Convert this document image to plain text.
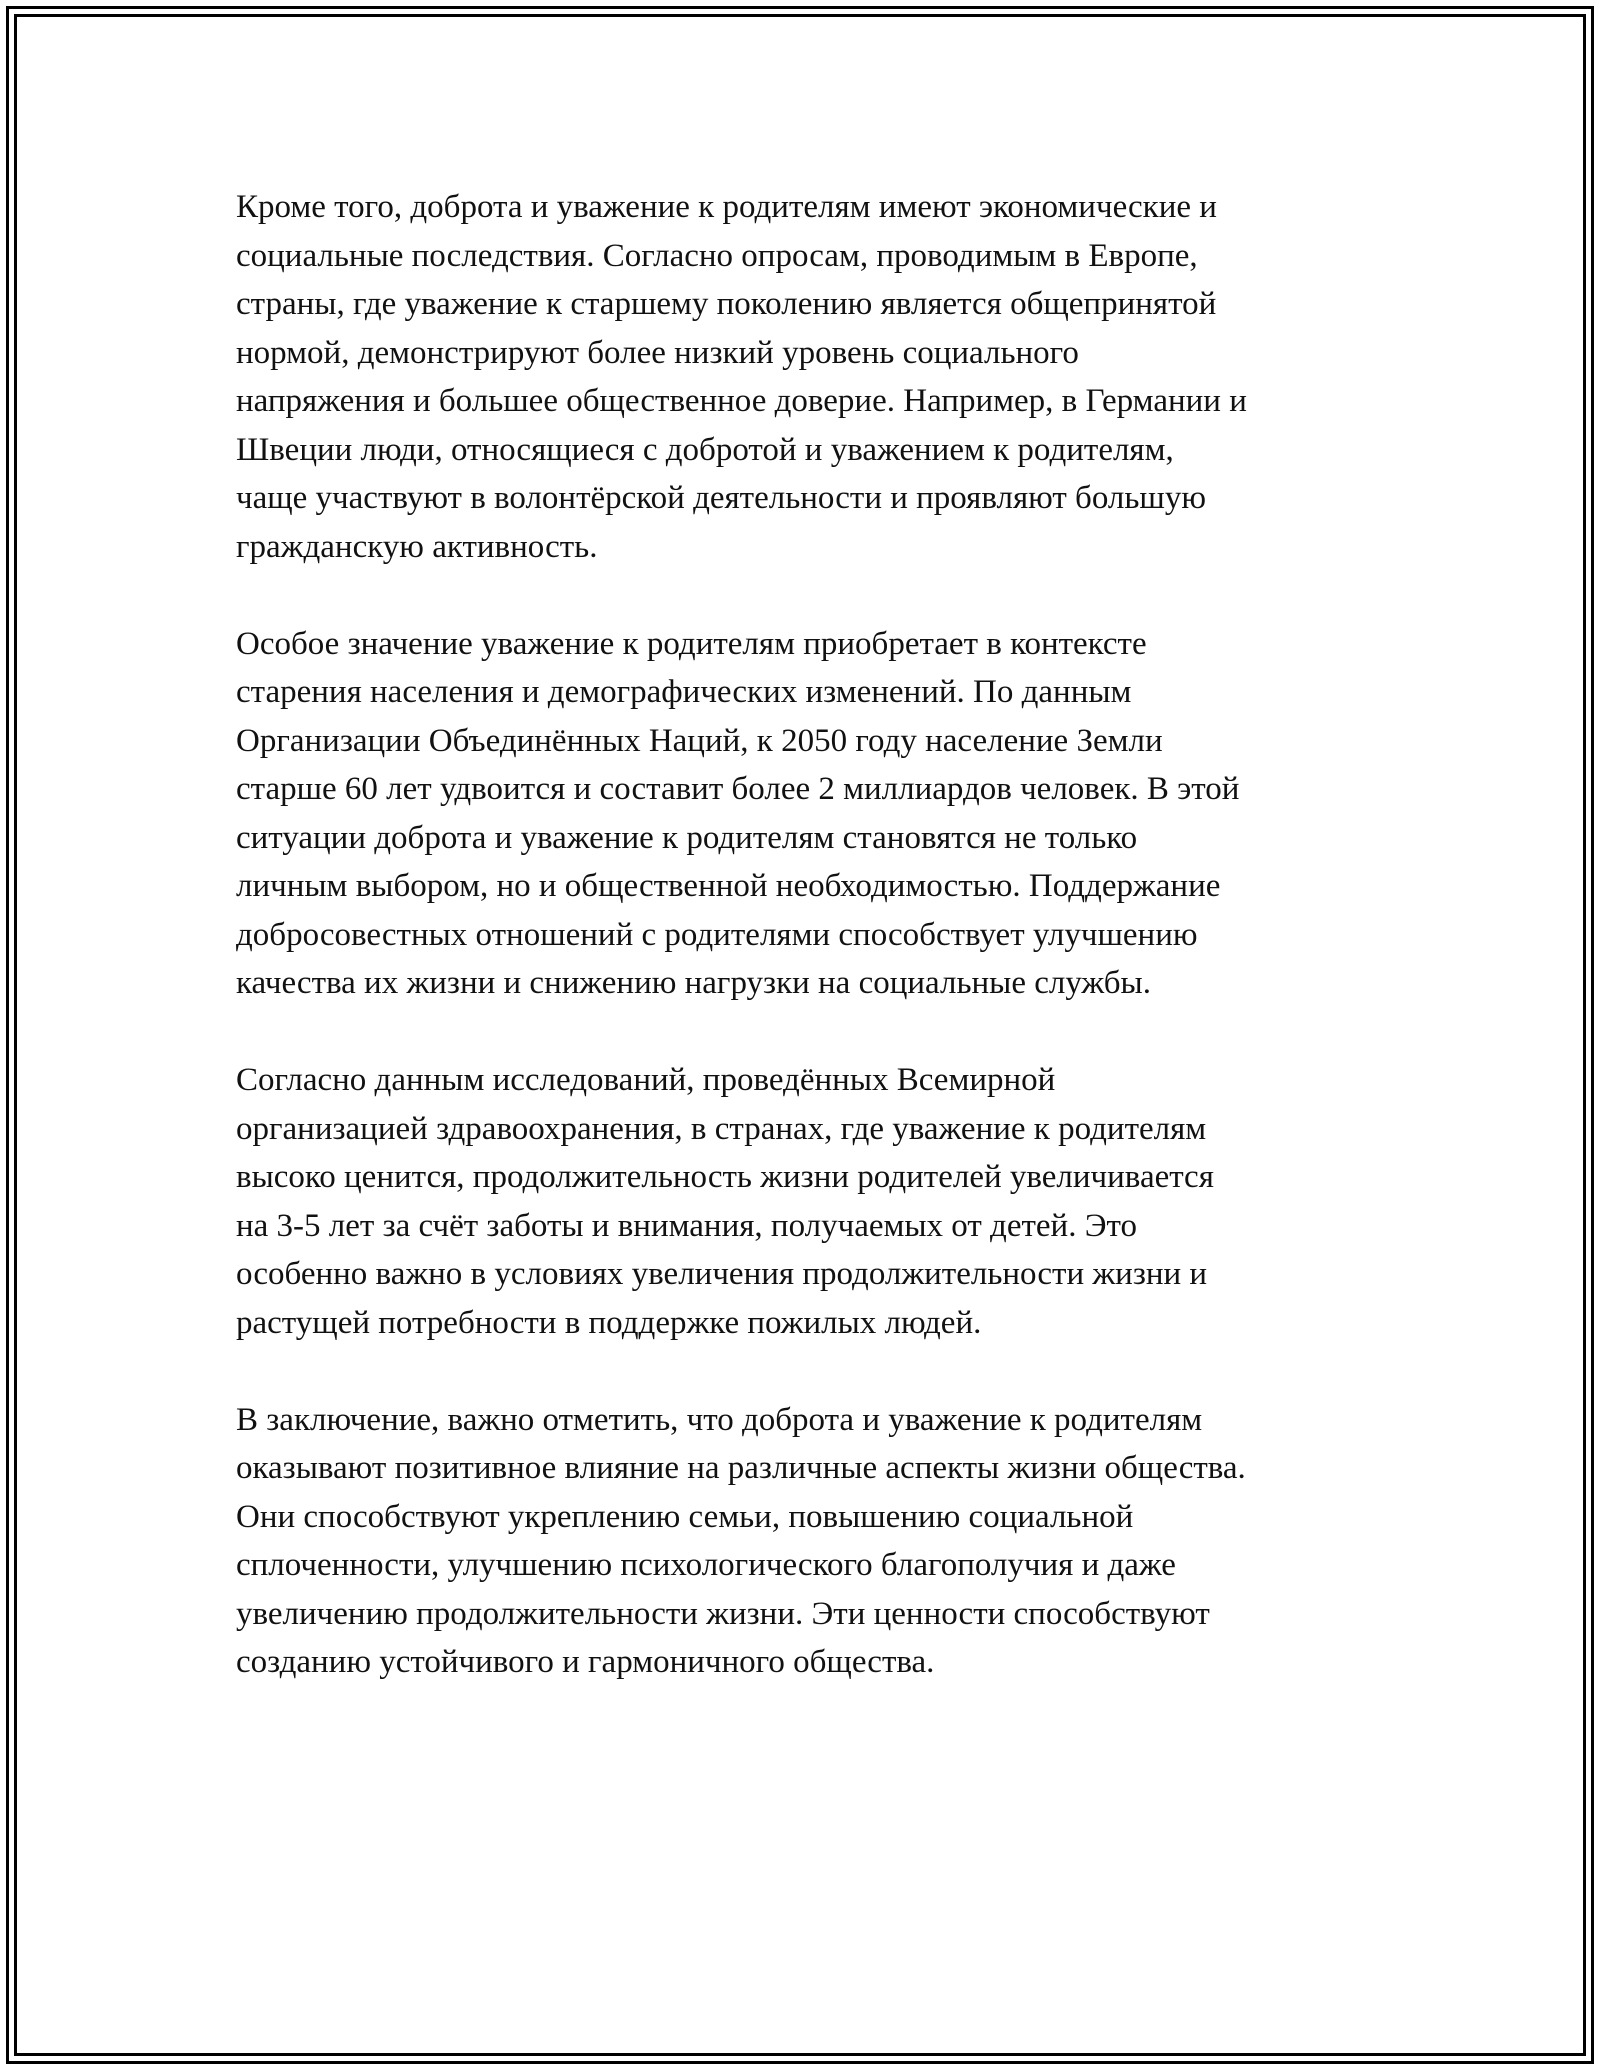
Кроме того, доброта и уважение к родителям имеют экономические и
социальные последствия. Согласно опросам, проводимым в Европе,
страны, где уважение к старшему поколению является общепринятой
нормой, демонстрируют более низкий уровень социального
напряжения и большее общественное доверие. Например, в Германии и
Швеции люди, относящиеся с добротой и уважением к родителям,
чаще участвуют в волонтёрской деятельности и проявляют большую
гражданскую активность.

Особое значение уважение к родителям приобретает в контексте
старения населения и демографических изменений. По данным
Организации Объединённых Наций, к 2050 году население Земли
старше 60 лет удвоится и составит более 2 миллиардов человек. В этой
ситуации доброта и уважение к родителям становятся не только
личным выбором, но и общественной необходимостью. Поддержание
добросовестных отношений с родителями способствует улучшению
качества их жизни и снижению нагрузки на социальные службы.

Согласно данным исследований, проведённых Всемирной
организацией здравоохранения, в странах, где уважение к родителям
высоко ценится, продолжительность жизни родителей увеличивается
на 3-5 лет за счёт заботы и внимания, получаемых от детей. Это
особенно важно в условиях увеличения продолжительности жизни и
растущей потребности в поддержке пожилых людей.

В заключение, важно отметить, что доброта и уважение к родителям
оказывают позитивное влияние на различные аспекты жизни общества.
Они способствуют укреплению семьи, повышению социальной
сплоченности, улучшению психологического благополучия и даже
увеличению продолжительности жизни. Эти ценности способствуют
созданию устойчивого и гармоничного общества.
